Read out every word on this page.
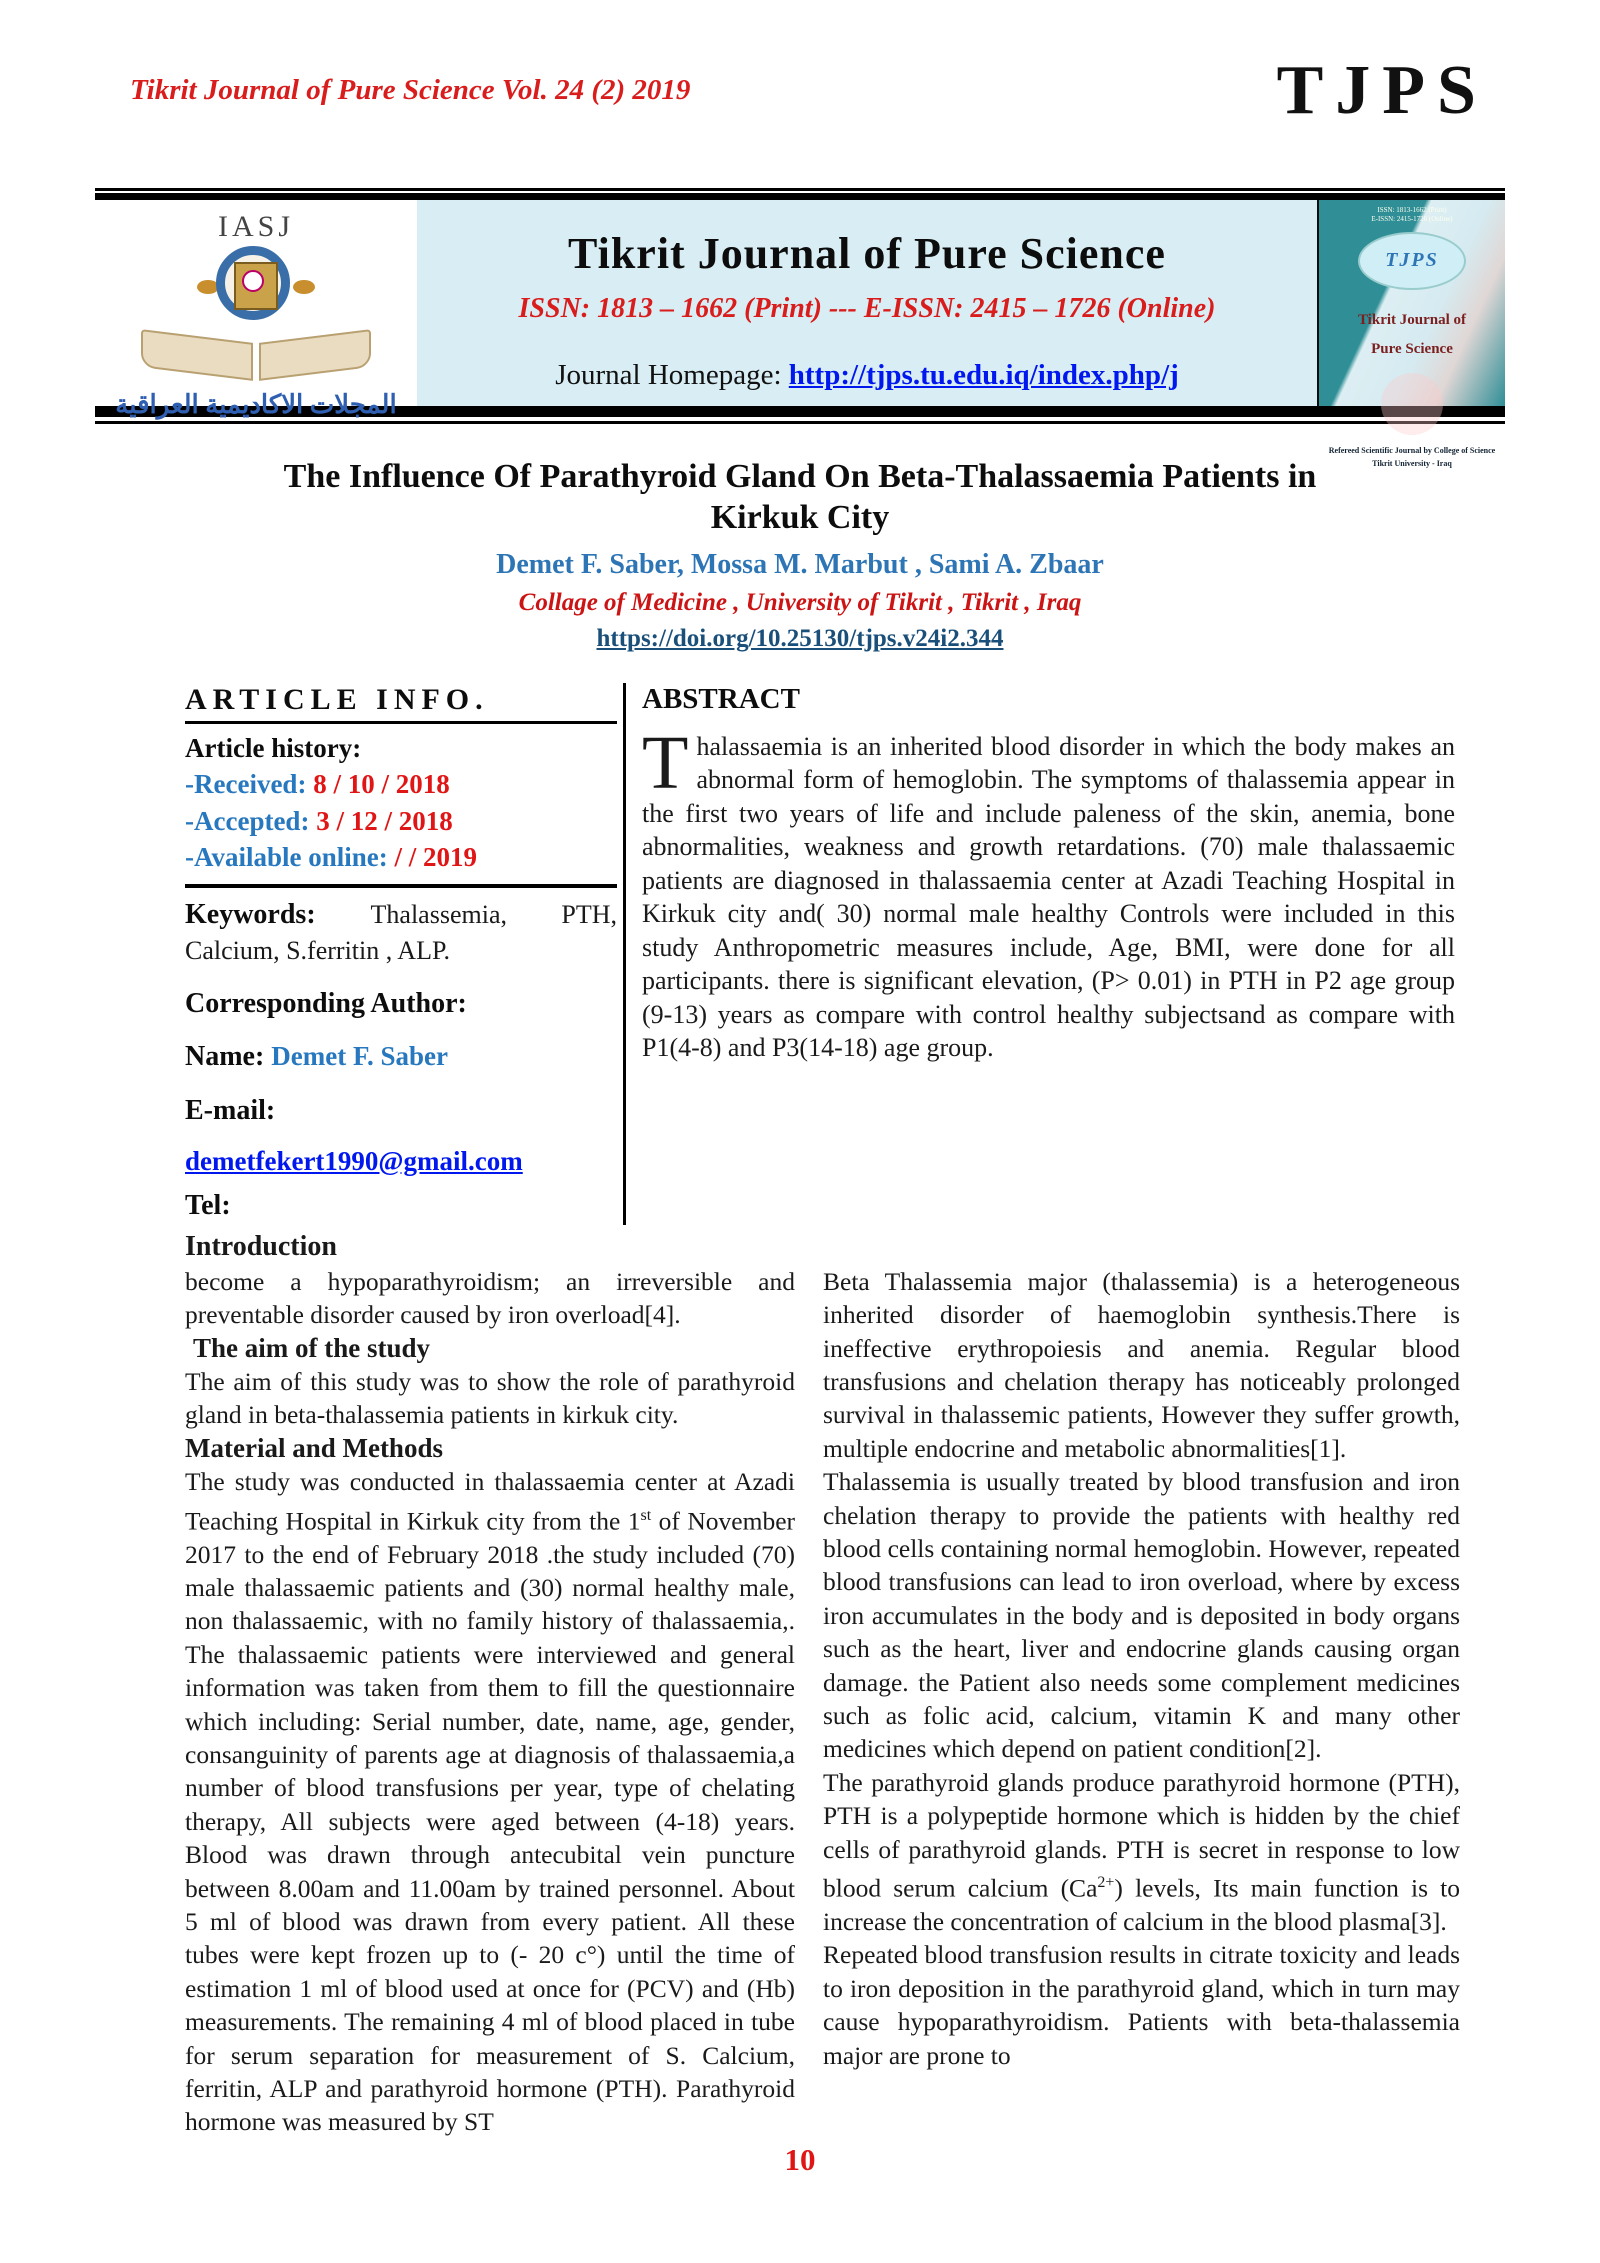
Tikrit Journal of Pure Science Vol. 24 (2) 2019	TJPS
IASJ
المجلات الاكاديمية العراقية
Tikrit Journal of Pure Science
ISSN: 1813 – 1662 (Print) --- E-ISSN: 2415 – 1726 (Online)
Journal Homepage: http://tjps.tu.edu.iq/index.php/j
ISSN: 1813-1662 (Print)
E-ISSN: 2415-1726 (Online)
TJPS
Tikrit Journal of
Pure Science
Refereed Scientific Journal by College of Science
Tikrit University - Iraq
The Influence Of Parathyroid Gland On Beta-Thalassaemia Patients in
Kirkuk City
Demet F. Saber, Mossa M. Marbut , Sami A. Zbaar
Collage of Medicine , University of Tikrit , Tikrit , Iraq
https://doi.org/10.25130/tjps.v24i2.344
ARTICLE INFO.
Article history:
-Received: 8 / 10 / 2018
-Accepted: 3 / 12 / 2018
-Available online: / / 2019
Keywords: Thalassemia, PTH, Calcium, S.ferritin , ALP.
Corresponding Author:
Name: Demet F. Saber
E-mail:
demetfekert1990@gmail.com
Tel:
ABSTRACT
Thalassaemia is an inherited blood disorder in which the body makes an abnormal form of hemoglobin. The symptoms of thalassemia appear in the first two years of life and include paleness of the skin, anemia, bone abnormalities, weakness and growth retardations. (70) male thalassaemic patients are diagnosed in thalassaemia center at Azadi Teaching Hospital in Kirkuk city and( 30) normal male healthy Controls were included in this study Anthropometric measures include, Age, BMI, were done for all participants. there is significant elevation, (P> 0.01) in PTH in P2 age group (9-13) years as compare with control healthy subjectsand as compare with P1(4-8) and P3(14-18) age group.
Introduction
become a hypoparathyroidism; an irreversible and preventable disorder caused by iron overload[4].
The aim of the study
The aim of this study was to show the role of parathyroid gland in beta-thalassemia patients in kirkuk city.
Material and Methods
The study was conducted in thalassaemia center at Azadi Teaching Hospital in Kirkuk city from the 1st of November 2017 to the end of February 2018 .the study included (70) male thalassaemic patients and (30) normal healthy male, non thalassaemic, with no family history of thalassaemia,. The thalassaemic patients were interviewed and general information was taken from them to fill the questionnaire which including: Serial number, date, name, age, gender, consanguinity of parents age at diagnosis of thalassaemia,a number of blood transfusions per year, type of chelating therapy, All subjects were aged between (4-18) years. Blood was drawn through antecubital vein puncture between 8.00am and 11.00am by trained personnel. About 5 ml of blood was drawn from every patient. All these tubes were kept frozen up to (- 20 c°) until the time of estimation 1 ml of blood used at once for (PCV) and (Hb) measurements. The remaining 4 ml of blood placed in tube for serum separation for measurement of S. Calcium, ferritin, ALP and parathyroid hormone (PTH). Parathyroid hormone was measured by ST
Beta Thalassemia major (thalassemia) is a heterogeneous inherited disorder of haemoglobin synthesis.There is ineffective erythropoiesis and anemia. Regular blood transfusions and chelation therapy has noticeably prolonged survival in thalassemic patients, However they suffer growth, multiple endocrine and metabolic abnormalities[1].
Thalassemia is usually treated by blood transfusion and iron chelation therapy to provide the patients with healthy red blood cells containing normal hemoglobin. However, repeated blood transfusions can lead to iron overload, where by excess iron accumulates in the body and is deposited in body organs such as the heart, liver and endocrine glands causing organ damage. the Patient also needs some complement medicines such as folic acid, calcium, vitamin K and many other medicines which depend on patient condition[2].
The parathyroid glands produce parathyroid hormone (PTH), PTH is a polypeptide hormone which is hidden by the chief cells of parathyroid glands. PTH is secret in response to low blood serum calcium $(Ca^{2+})$ levels, Its main function is to increase the concentration of calcium in the blood plasma[3].
Repeated blood transfusion results in citrate toxicity and leads to iron deposition in the parathyroid gland, which in turn may cause hypoparathyroidism. Patients with beta-thalassemia major are prone to
10
